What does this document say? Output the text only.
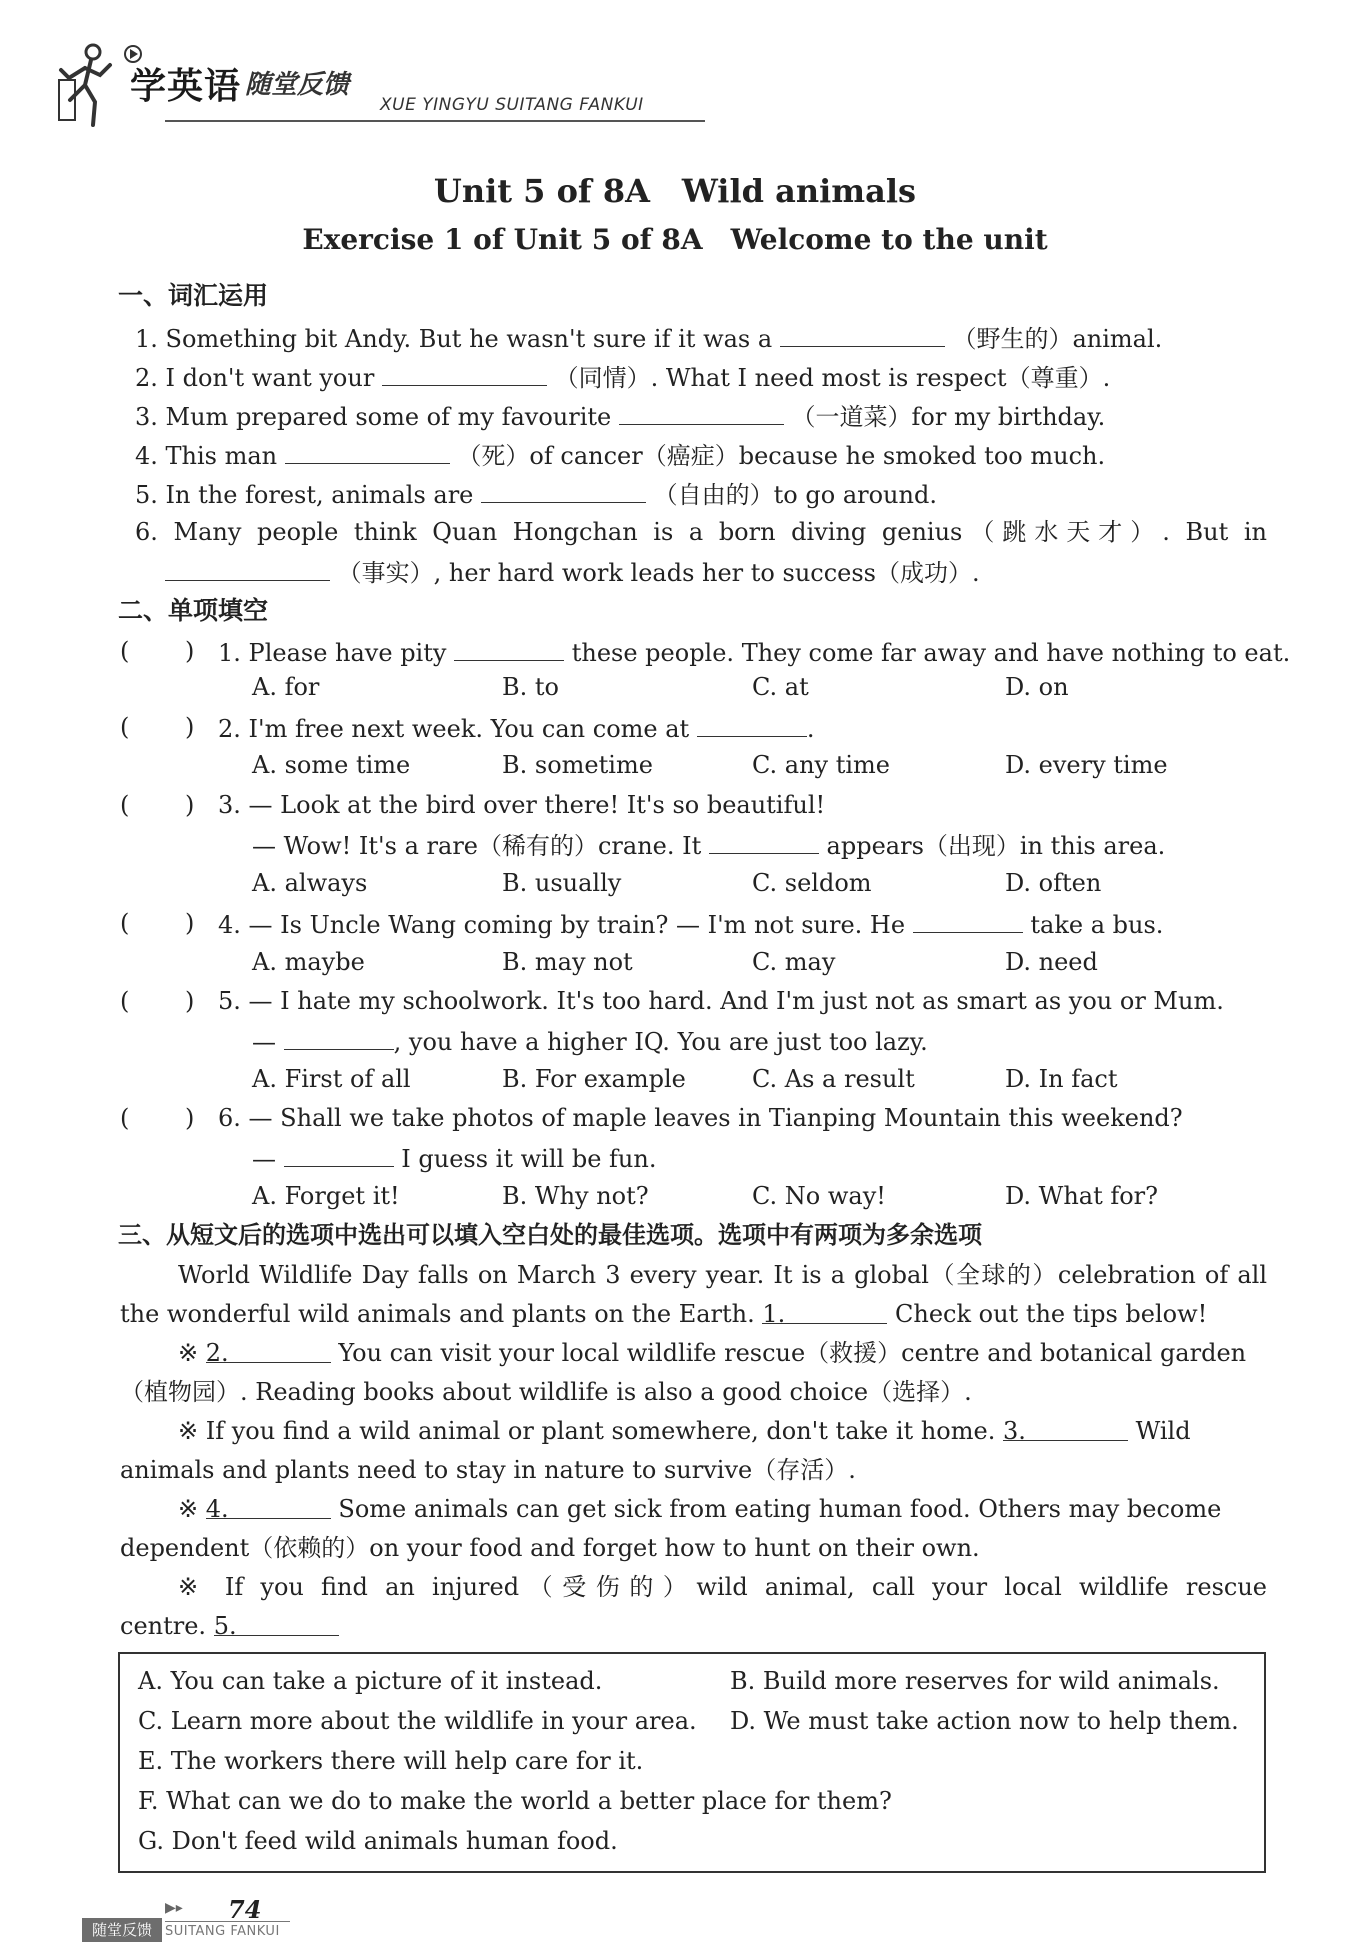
学英语 随堂反馈
XUE YINGYU SUITANG FANKUI
Unit 5 of 8A　Wild animals
Exercise 1 of Unit 5 of 8A　Welcome to the unit
一、词汇运用
1. Something bit Andy. But he wasn't sure if it was a	（野生的）animal.
2. I don't want your	（同情）. What I need most is respect（尊重）.
3. Mum prepared some of my favourite	（一道菜）for my birthday.
4. This man	（死）of cancer（癌症）because he smoked too much.
5. In the forest, animals are	（自由的）to go around.
6. Many people think Quan Hongchan is a born diving genius（跳水天才）. But in
（事实）, her hard work leads her to success（成功）.
二、单项填空
(　　 ) 1. Please have pity	these people. They come far away and have nothing to eat.
A. for	B. to	C. at	D. on
(　　 ) 2. I'm free next week. You can come at	.
A. some time	B. sometime	C. any time	D. every time
(　　 ) 3. — Look at the bird over there! It's so beautiful!
— Wow! It's a rare（稀有的）crane. It	appears（出现）in this area.
A. always	B. usually	C. seldom	D. often
(　　 ) 4. — Is Uncle Wang coming by train? — I'm not sure. He	take a bus.
A. maybe	B. may not	C. may	D. need
(　　 ) 5. — I hate my schoolwork. It's too hard. And I'm just not as smart as you or Mum.
—	, you have a higher IQ. You are just too lazy.
A. First of all	B. For example	C. As a result	D. In fact
(　　 ) 6. — Shall we take photos of maple leaves in Tianping Mountain this weekend?
—	I guess it will be fun.
A. Forget it!	B. Why not?	C. No way!	D. What for?
三、从短文后的选项中选出可以填入空白处的最佳选项。选项中有两项为多余选项
World Wildlife Day falls on March 3 every year. It is a global（全球的）celebration of all
the wonderful wild animals and plants on the Earth. 1.	Check out the tips below!
※ 2.	You can visit your local wildlife rescue（救援）centre and botanical garden
（植物园）. Reading books about wildlife is also a good choice（选择）.
※ If you find a wild animal or plant somewhere, don't take it home. 3.	Wild
animals and plants need to stay in nature to survive（存活）.
※ 4.	Some animals can get sick from eating human food. Others may become
dependent（依赖的）on your food and forget how to hunt on their own.
※ If you find an injured（受伤的）wild animal, call your local wildlife rescue
centre. 5.
A. You can take a picture of it instead.	B. Build more reserves for wild animals.
C. Learn more about the wildlife in your area. D. We must take action now to help them.
E. The workers there will help care for it.
F. What can we do to make the world a better place for them?
G. Don't feed wild animals human food.
▶▸ 74
随堂反馈	SUITANG FANKUI
